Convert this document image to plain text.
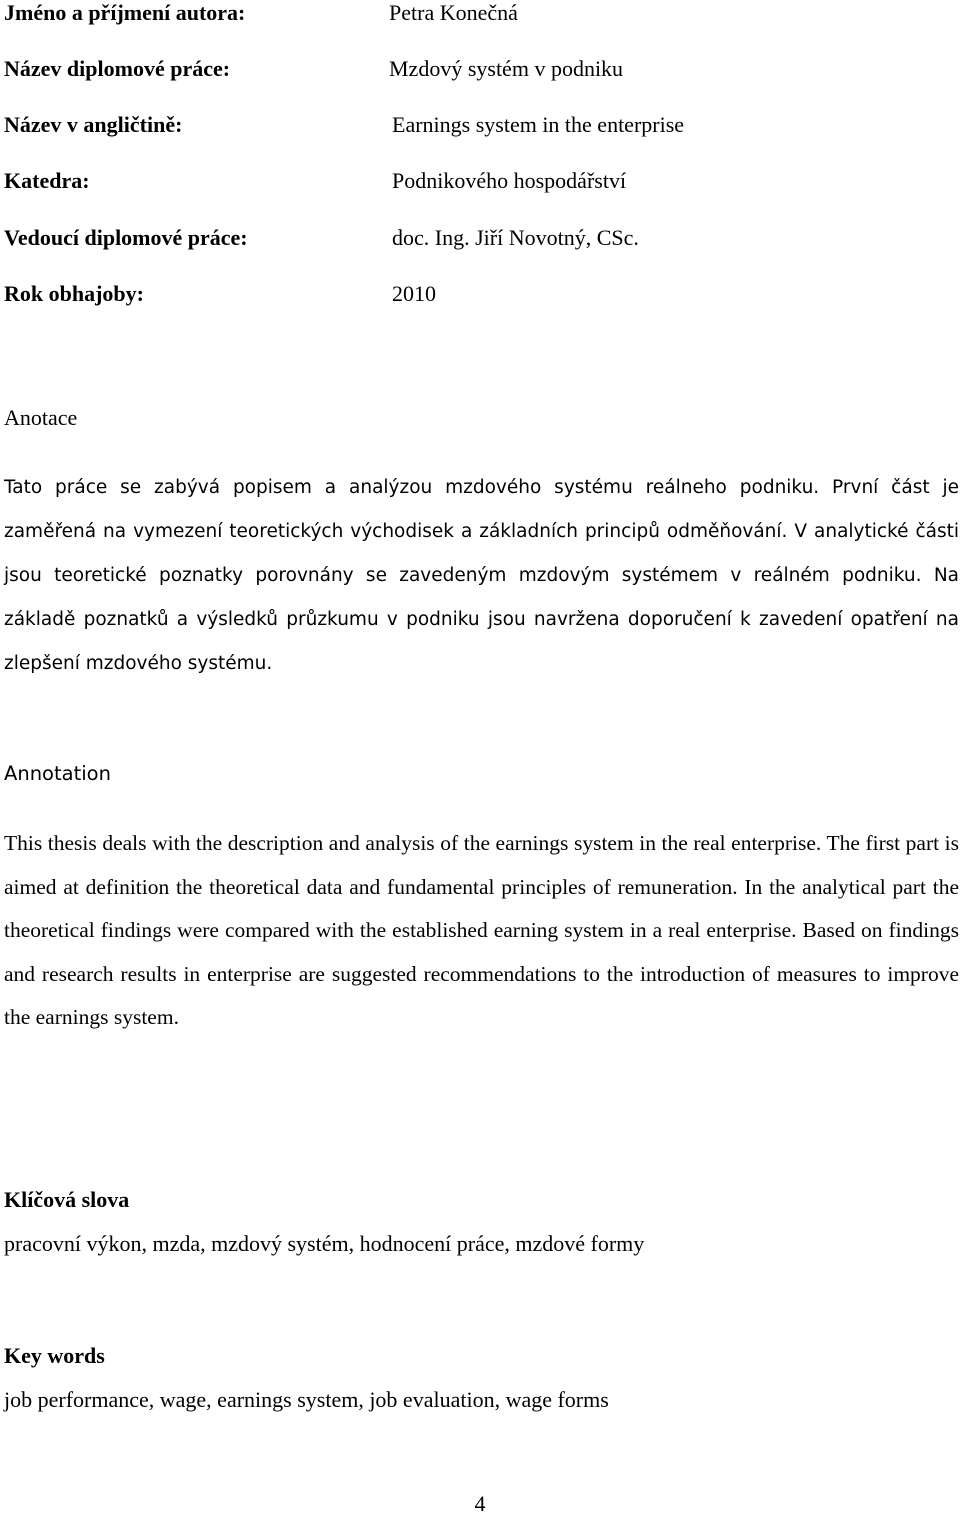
Jméno a příjmení autora:	Petra Konečná
Název diplomové práce:	Mzdový systém v podniku
Název v angličtině:	Earnings system in the enterprise
Katedra:	Podnikového hospodářství
Vedoucí diplomové práce:	doc. Ing. Jiří Novotný, CSc.
Rok obhajoby:	2010
Anotace
Tato práce se zabývá popisem a analýzou mzdového systému reálneho podniku. První část je zaměřená na vymezení teoretických východisek a základních principů odměňování. V analytické části jsou teoretické poznatky porovnány se zavedeným mzdovým systémem v reálném podniku. Na základě poznatků a výsledků průzkumu v podniku jsou navržena doporučení k zavedení opatření na zlepšení mzdového systému.
Annotation
This thesis deals with the description and analysis of the earnings system in the real enterprise. The first part is aimed at definition the theoretical data and fundamental principles of remuneration. In the analytical part the theoretical findings were compared with the established earning system in a real enterprise. Based on findings and research results in enterprise are suggested recommendations to the introduction of measures to improve the earnings system.
Klíčová slova
pracovní výkon, mzda, mzdový systém, hodnocení práce, mzdové formy
Key words
job performance, wage, earnings system, job evaluation, wage forms
4
